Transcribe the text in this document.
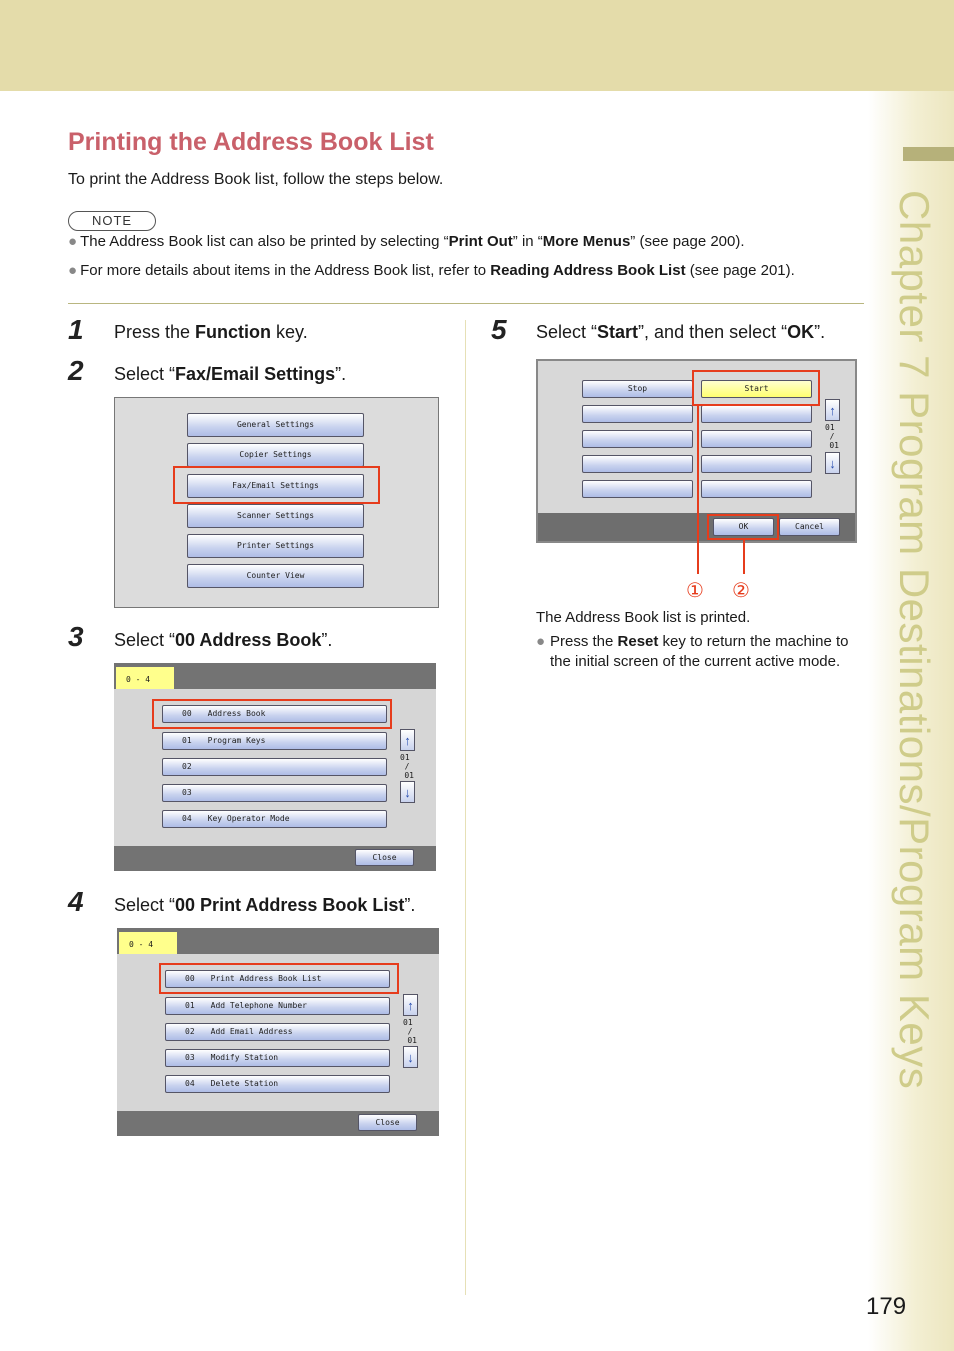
Chapter 7 Program Destinations/Program Keys
Printing the Address Book List
To print the Address Book list, follow the steps below.
NOTE
● The Address Book list can also be printed by selecting “Print Out” in “More Menus” (see page 200).
● For more details about items in the Address Book list, refer to Reading Address Book List (see page 201).
1 Press the Function key.
2 Select “Fax/Email Settings”.
General Settings
Copier Settings
Fax/Email Settings
Scanner Settings
Printer Settings
Counter View
3 Select “00 Address Book”.
0 - 4
00 Address Book
01 Program Keys
02
03
04 Key Operator Mode
↑
01
/
01
↓
Close
4 Select “00 Print Address Book List”.
0 - 4
00 Print Address Book List
01 Add Telephone Number
02 Add Email Address
03 Modify Station
04 Delete Station
↑
01
/
01
↓
Close
5 Select “Start”, and then select “OK”.
Stop	Start
↑
01
/
01
↓
OK	Cancel
① ②
The Address Book list is printed.
● Press the Reset key to return the machine to the initial screen of the current active mode.
179
